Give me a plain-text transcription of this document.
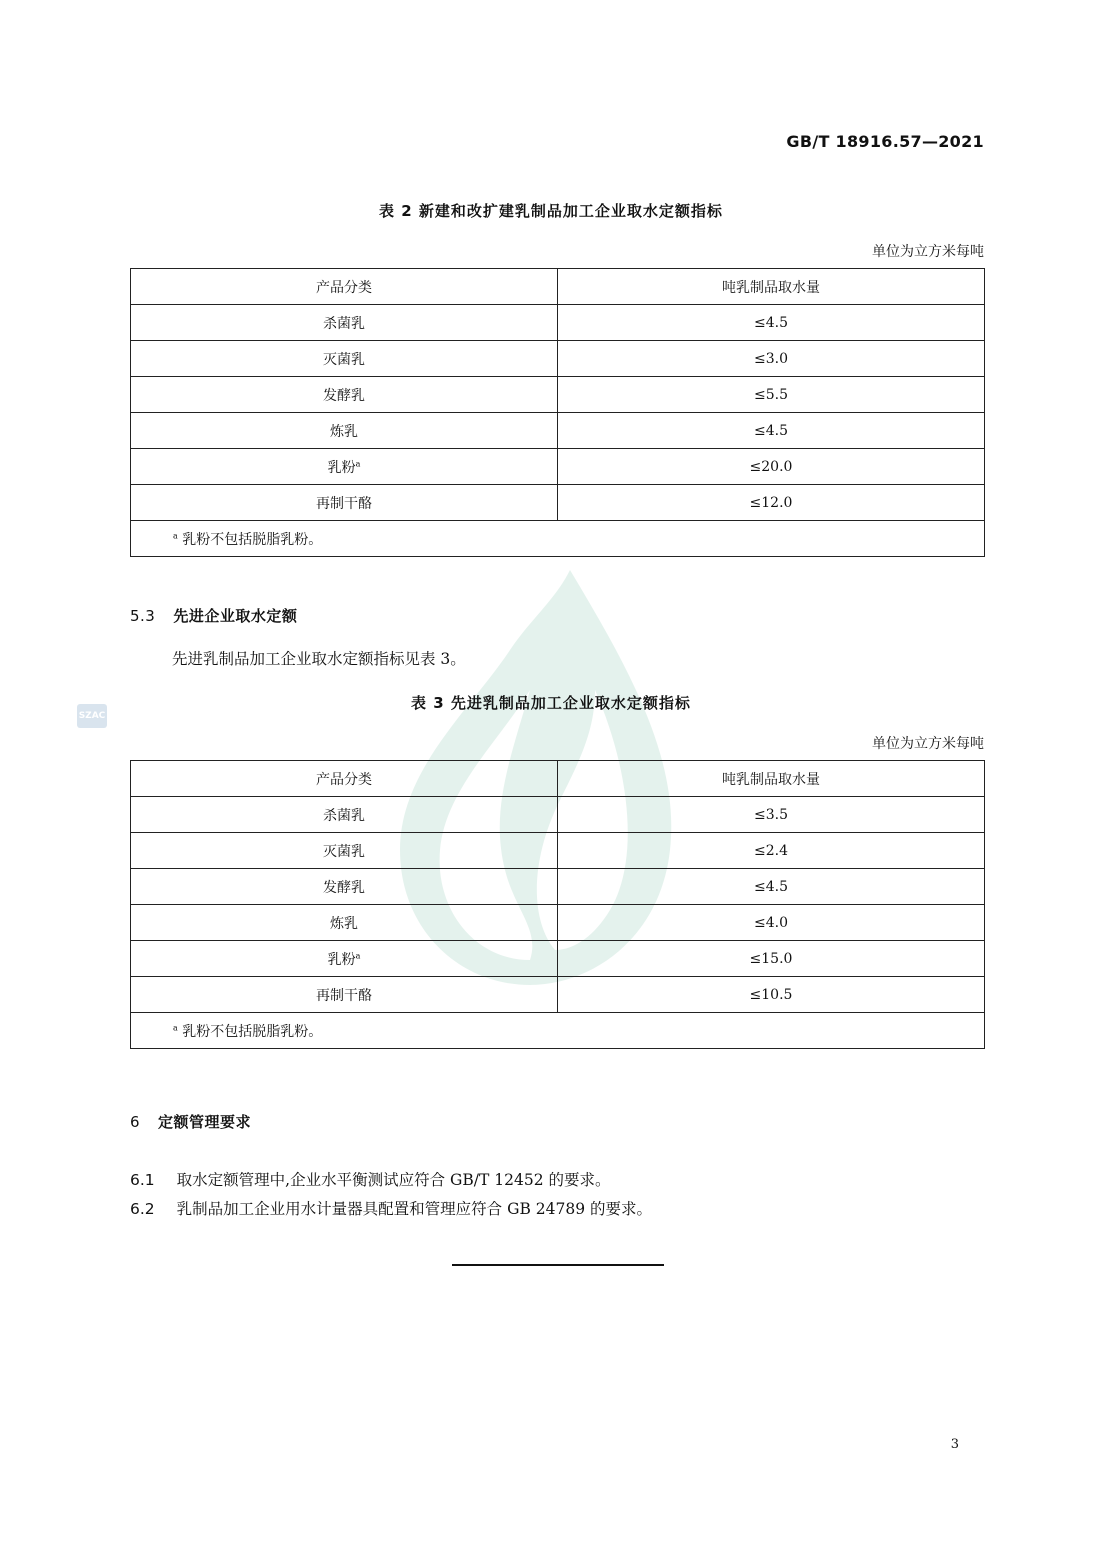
SZAC
GB/T 18916.57—2021
表 2 新建和改扩建乳制品加工企业取水定额指标
单位为立方米每吨
产品分类	吨乳制品取水量
杀菌乳	≤4.5
灭菌乳	≤3.0
发酵乳	≤5.5
炼乳	≤4.5
乳粉$^a$	≤20.0
再制干酪	≤12.0
$^a$ 乳粉不包括脱脂乳粉。	
5.3 先进企业取水定额
先进乳制品加工企业取水定额指标见表 3。
表 3 先进乳制品加工企业取水定额指标
单位为立方米每吨
产品分类	吨乳制品取水量
杀菌乳	≤3.5
灭菌乳	≤2.4
发酵乳	≤4.5
炼乳	≤4.0
乳粉$^a$	≤15.0
再制干酪	≤10.5
$^a$ 乳粉不包括脱脂乳粉。	
6 定额管理要求
6.1 取水定额管理中,企业水平衡测试应符合 GB/T 12452 的要求。
6.2 乳制品加工企业用水计量器具配置和管理应符合 GB 24789 的要求。
3
